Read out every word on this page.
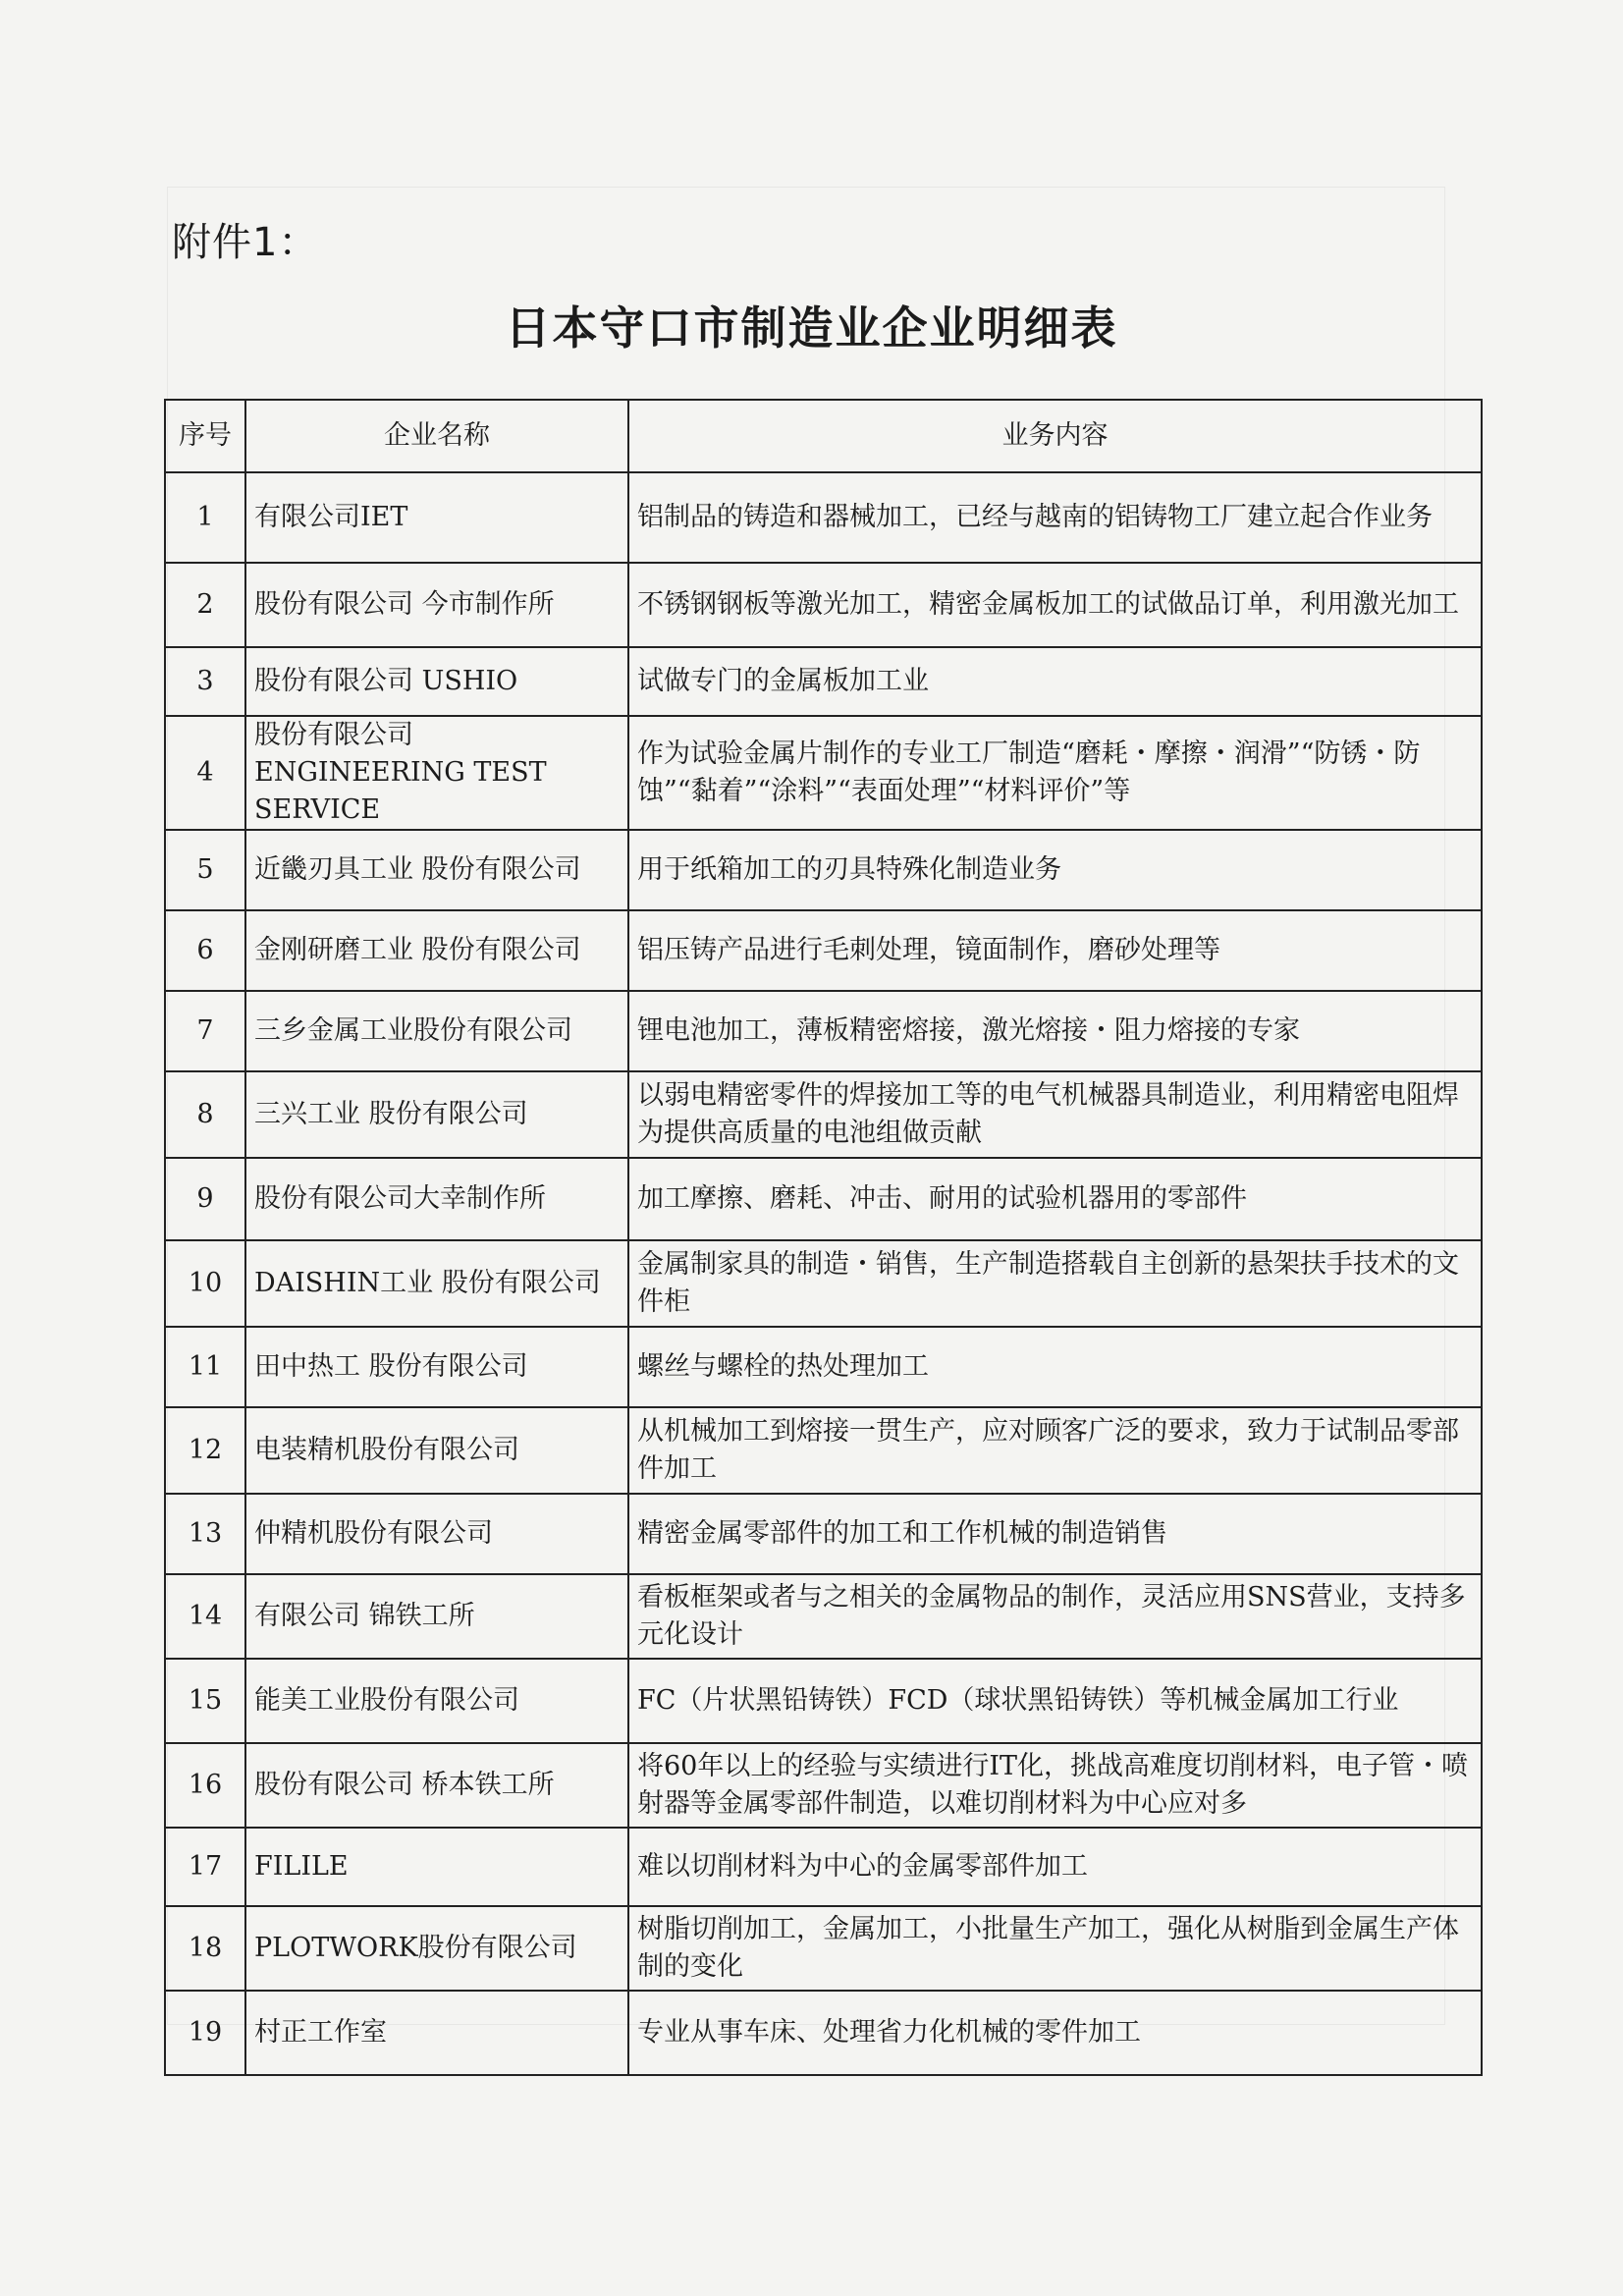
附件1：
日本守口市制造业企业明细表
序号	企业名称	业务内容
1	有限公司IET	铝制品的铸造和器械加工，已经与越南的铝铸物工厂建立起合作业务
2	股份有限公司 今市制作所	不锈钢钢板等激光加工，精密金属板加工的试做品订单，利用激光加工
3	股份有限公司 USHIO	试做专门的金属板加工业
4	股份有限公司 ENGINEERING TEST SERVICE	作为试验金属片制作的专业工厂制造“磨耗・摩擦・润滑”“防锈・防蚀”“黏着”“涂料”“表面处理”“材料评价”等
5	近畿刃具工业 股份有限公司	用于纸箱加工的刃具特殊化制造业务
6	金刚研磨工业 股份有限公司	铝压铸产品进行毛刺处理，镜面制作，磨砂处理等
7	三乡金属工业股份有限公司	锂电池加工，薄板精密熔接，激光熔接・阻力熔接的专家
8	三兴工业 股份有限公司	以弱电精密零件的焊接加工等的电气机械器具制造业，利用精密电阻焊为提供高质量的电池组做贡献
9	股份有限公司大幸制作所	加工摩擦、磨耗、冲击、耐用的试验机器用的零部件
10	DAISHIN工业 股份有限公司	金属制家具的制造・销售，生产制造搭载自主创新的悬架扶手技术的文件柜
11	田中热工 股份有限公司	螺丝与螺栓的热处理加工
12	电装精机股份有限公司	从机械加工到熔接一贯生产，应对顾客广泛的要求，致力于试制品零部件加工
13	仲精机股份有限公司	精密金属零部件的加工和工作机械的制造销售
14	有限公司 锦铁工所	看板框架或者与之相关的金属物品的制作，灵活应用SNS营业，支持多元化设计
15	能美工业股份有限公司	FC（片状黑铅铸铁）FCD（球状黑铅铸铁）等机械金属加工行业
16	股份有限公司 桥本铁工所	将60年以上的经验与实绩进行IT化，挑战高难度切削材料，电子管・喷射器等金属零部件制造，以难切削材料为中心应对多
17	FILILE	难以切削材料为中心的金属零部件加工
18	PLOTWORK股份有限公司	树脂切削加工，金属加工，小批量生产加工，强化从树脂到金属生产体制的变化
19	村正工作室	专业从事车床、处理省力化机械的零件加工
